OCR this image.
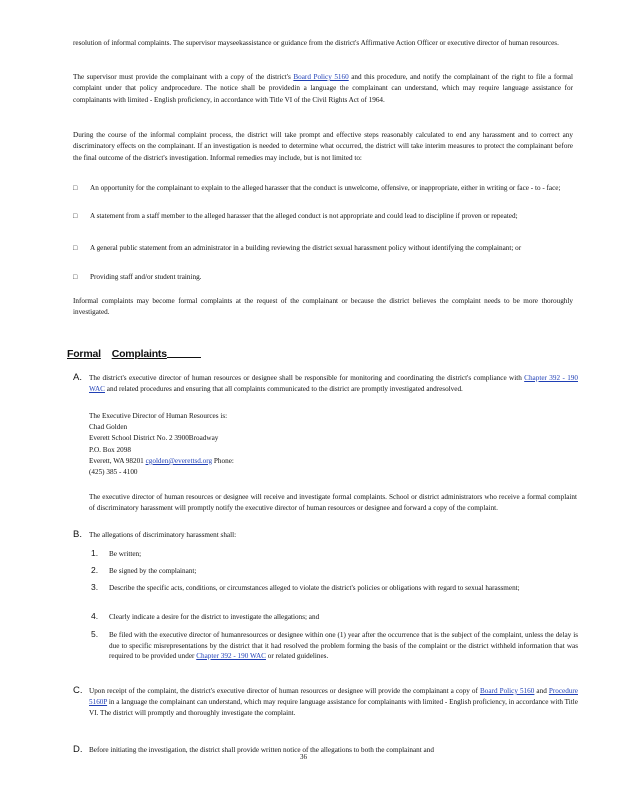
resolution of informal complaints. The supervisor mayseekassistance or guidance from the district's Affirmative Action Officer or executive director of human resources.

The supervisor must provide the complainant with a copy of the district's Board Policy 5160 and this procedure, and notify the complainant of the right to file a formal complaint under that policy andprocedure. The notice shall be providedin a language the complainant can understand, which may require language assistance for complainants with limited - English proficiency, in accordance with Title VI of the Civil Rights Act of 1964.

During the course of the informal complaint process, the district will take prompt and effective steps reasonably calculated to end any harassment and to correct any discriminatory effects on the complainant. If an investigation is needed to determine what occurred, the district will take interim measures to protect the complainant before the final outcome of the district's investigation. Informal remedies may include, but is not limited to:

□ An opportunity for the complainant to explain to the alleged harasser that the conduct is unwelcome, offensive, or inappropriate, either in writing or face - to - face;
□ A statement from a staff member to the alleged harasser that the alleged conduct is not appropriate and could lead to discipline if proven or repeated;
□ A general public statement from an administrator in a building reviewing the district sexual harassment policy without identifying the complainant; or
□ Providing staff and/or student training.

Informal complaints may become formal complaints at the request of the complainant or because the district believes the complaint needs to be more thoroughly investigated.

Formal Complaints
A. The district's executive director of human resources or designee shall be responsible for monitoring and coordinating the district's compliance with Chapter 392 - 190 WAC and related procedures and ensuring that all complaints communicated to the district are promptly investigated andresolved.
The Executive Director of Human Resources is:
Chad Golden
Everett School District No. 2 3900Broadway
P.O. Box 2098
Everett, WA 98201 cgolden@everettsd.org Phone:
(425) 385 - 4100

The executive director of human resources or designee will receive and investigate formal complaints. School or district administrators who receive a formal complaint of discriminatory harassment will promptly notify the executive director of human resources or designee and forward a copy of the complaint.

B. The allegations of discriminatory harassment shall:
1. Be written;
2. Be signed by the complainant;
3. Describe the specific acts, conditions, or circumstances alleged to violate the district's policies or obligations with regard to sexual harassment;
4. Clearly indicate a desire for the district to investigate the allegations; and
5. Be filed with the executive director of humanresources or designee within one (1) year after the occurrence that is the subject of the complaint, unless the delay is due to specific misrepresentations by the district that it had resolved the problem forming the basis of the complaint or the district withheld information that was required to be provided under Chapter 392 - 190 WAC or related guidelines.
C. Upon receipt of the complaint, the district's executive director of human resources or designee will provide the complainant a copy of Board Policy 5160 and Procedure 5160P in a language the complainant can understand, which may require language assistance for complainants with limited - English proficiency, in accordance with Title VI. The district will promptly and thoroughly investigate the complaint.
D. Before initiating the investigation, the district shall provide written notice of the allegations to both the complainant and
36
